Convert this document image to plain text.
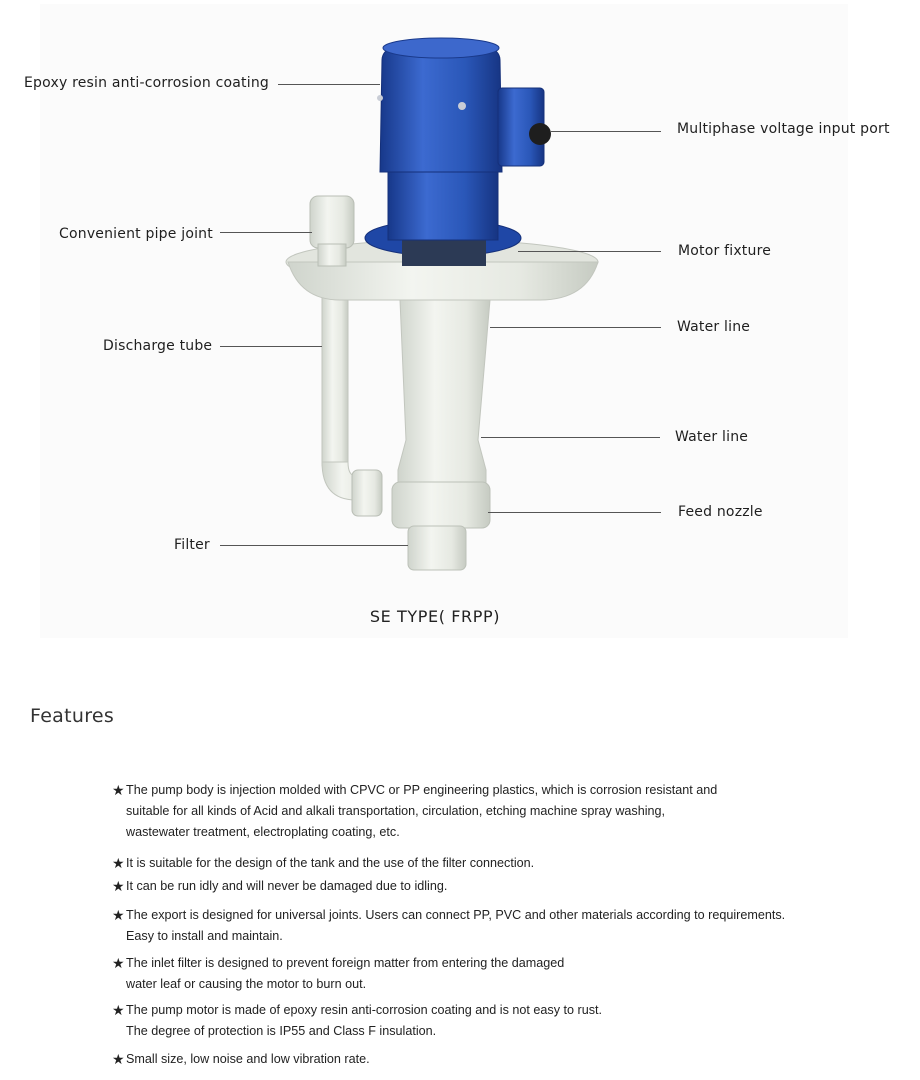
Epoxy resin anti-corrosion coating
Multiphase voltage input port
Convenient pipe joint
Motor fixture
Water line
Discharge tube
Water line
Feed nozzle
Filter
SE TYPE( FRPP)
Features
★ The pump body is injection molded with CPVC or PP engineering plastics, which is corrosion resistant and
suitable for all kinds of Acid and alkali transportation, circulation, etching machine spray washing,
wastewater treatment, electroplating coating, etc.
★ It is suitable for the design of the tank and the use of the filter connection.
★ It can be run idly and will never be damaged due to idling.
★ The export is designed for universal joints. Users can connect PP, PVC and other materials according to requirements.
Easy to install and maintain.
★ The inlet filter is designed to prevent foreign matter from entering the damaged
water leaf or causing the motor to burn out.
★ The pump motor is made of epoxy resin anti-corrosion coating and is not easy to rust.
The degree of protection is IP55 and Class F insulation.
★ Small size, low noise and low vibration rate.
